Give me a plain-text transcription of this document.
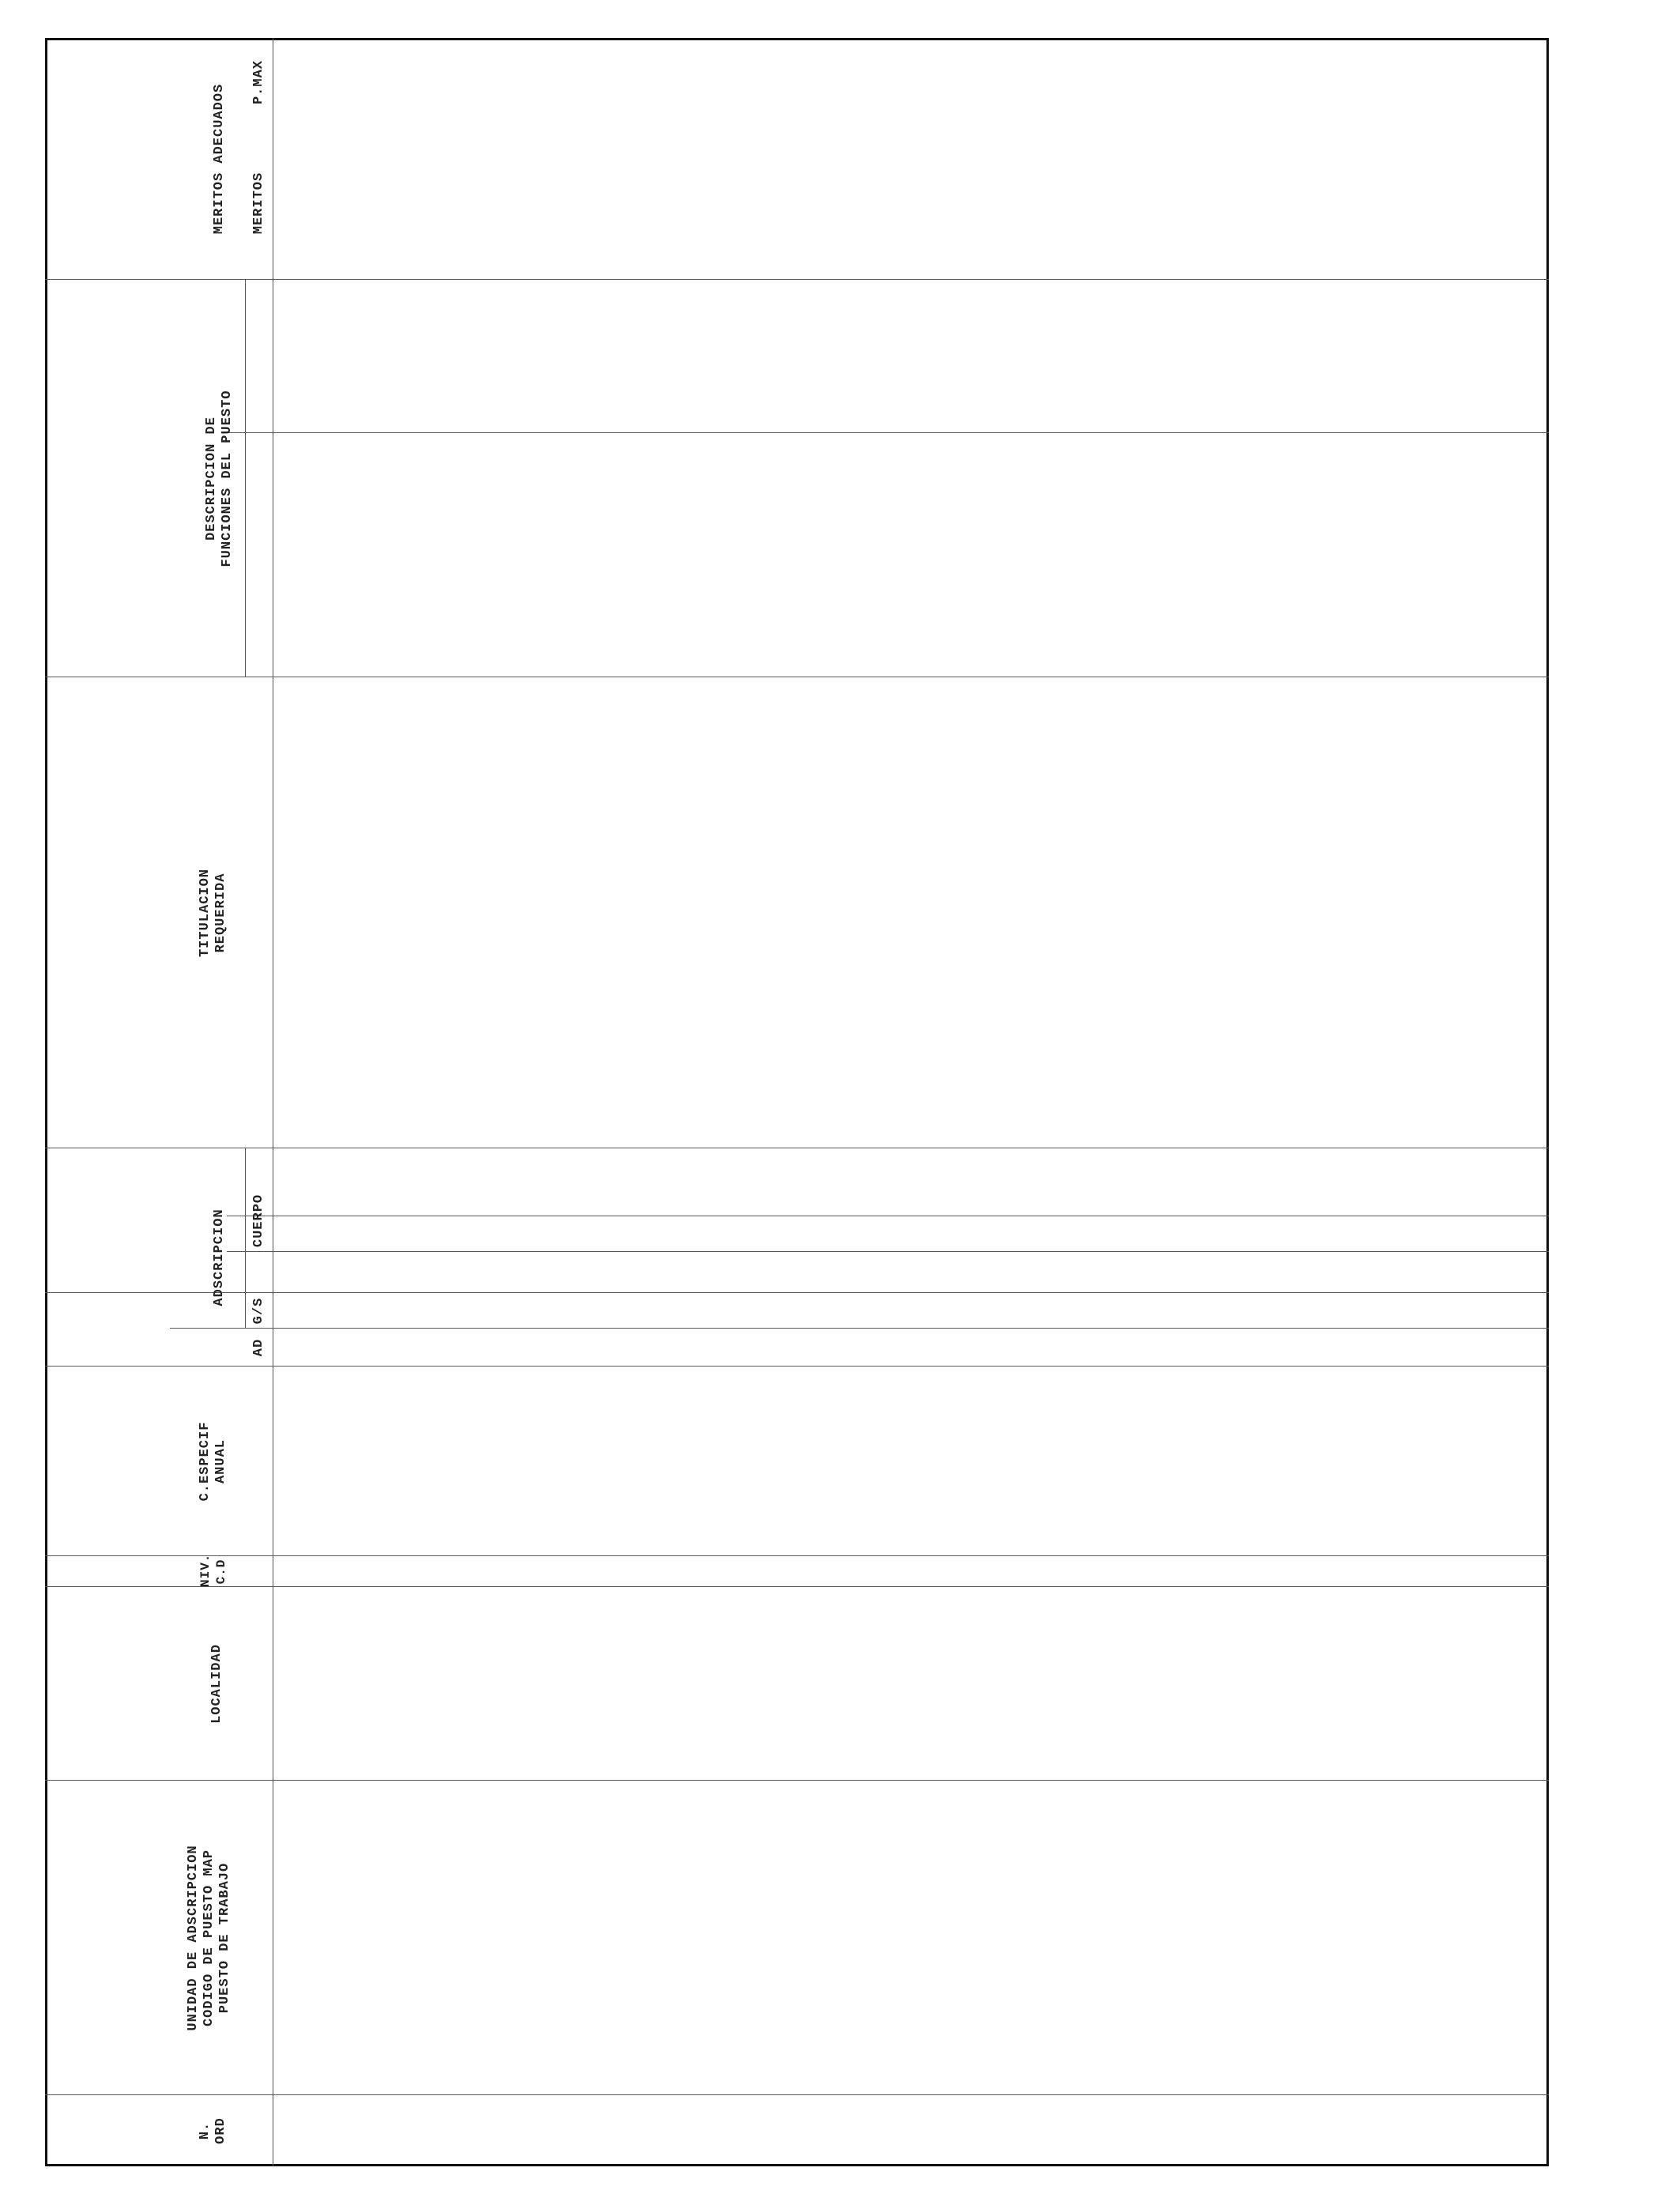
N.
ORD
UNIDAD DE ADSCRIPCION
CODIGO DE PUESTO MAP
PUESTO DE TRABAJO
LOCALIDAD
NIV.
C.D
C.ESPECIF
ANUAL
ADSCRIPCION
AD
G/S
CUERPO
TITULACION
REQUERIDA
DESCRIPCION DE
FUNCIONES DEL PUESTO
MERITOS ADECUADOS MERITOS
P.MAX
